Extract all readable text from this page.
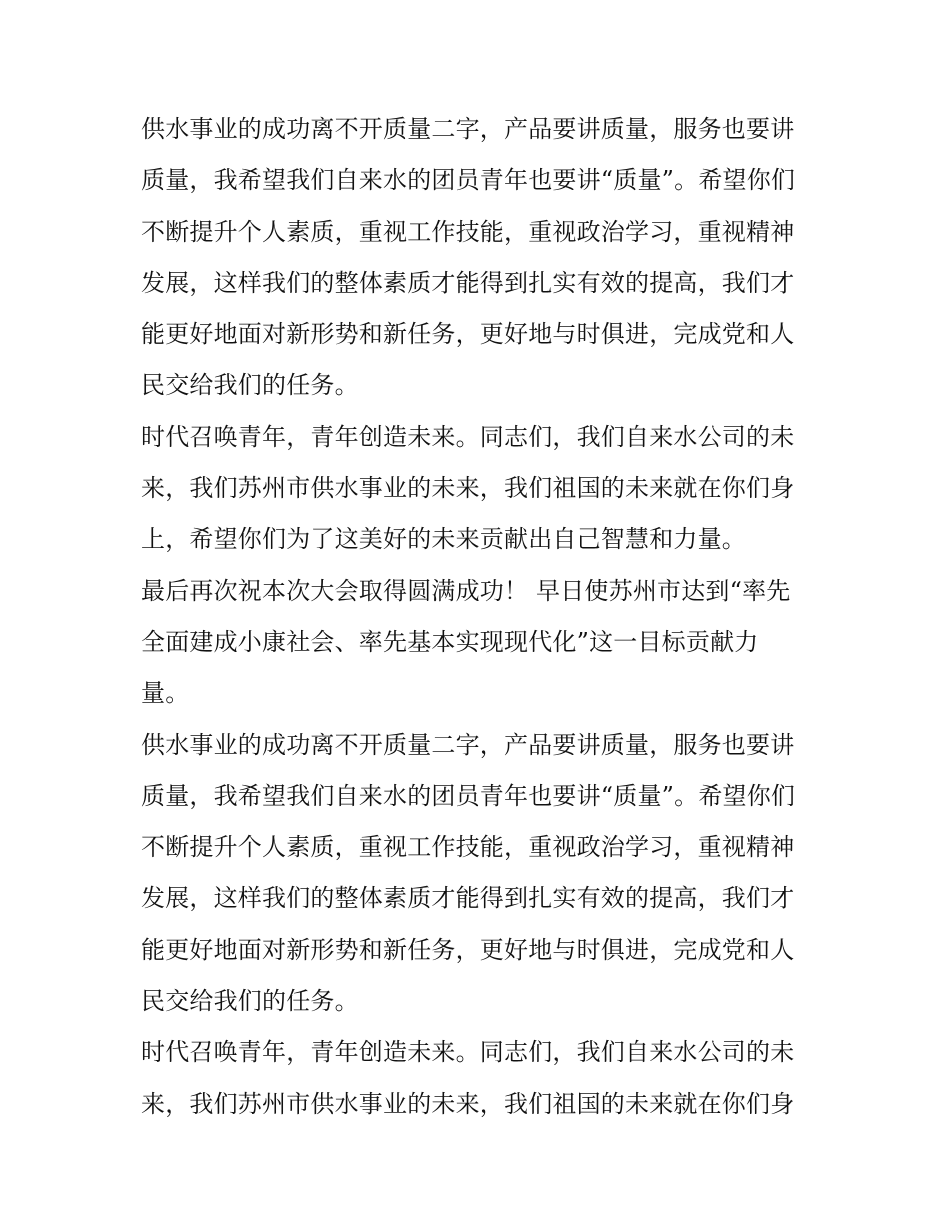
供水事业的成功离不开质量二字，产品要讲质量，服务也要讲
质量，我希望我们自来水的团员青年也要讲“质量”。希望你们
不断提升个人素质，重视工作技能，重视政治学习，重视精神
发展，这样我们的整体素质才能得到扎实有效的提高，我们才
能更好地面对新形势和新任务，更好地与时俱进，完成党和人
民交给我们的任务。
时代召唤青年，青年创造未来。同志们，我们自来水公司的未
来，我们苏州市供水事业的未来，我们祖国的未来就在你们身
上，希望你们为了这美好的未来贡献出自己智慧和力量。
最后再次祝本次大会取得圆满成功！ 早日使苏州市达到“率先
全面建成小康社会、率先基本实现现代化”这一目标贡献力
量。
供水事业的成功离不开质量二字，产品要讲质量，服务也要讲
质量，我希望我们自来水的团员青年也要讲“质量”。希望你们
不断提升个人素质，重视工作技能，重视政治学习，重视精神
发展，这样我们的整体素质才能得到扎实有效的提高，我们才
能更好地面对新形势和新任务，更好地与时俱进，完成党和人
民交给我们的任务。
时代召唤青年，青年创造未来。同志们，我们自来水公司的未
来，我们苏州市供水事业的未来，我们祖国的未来就在你们身
